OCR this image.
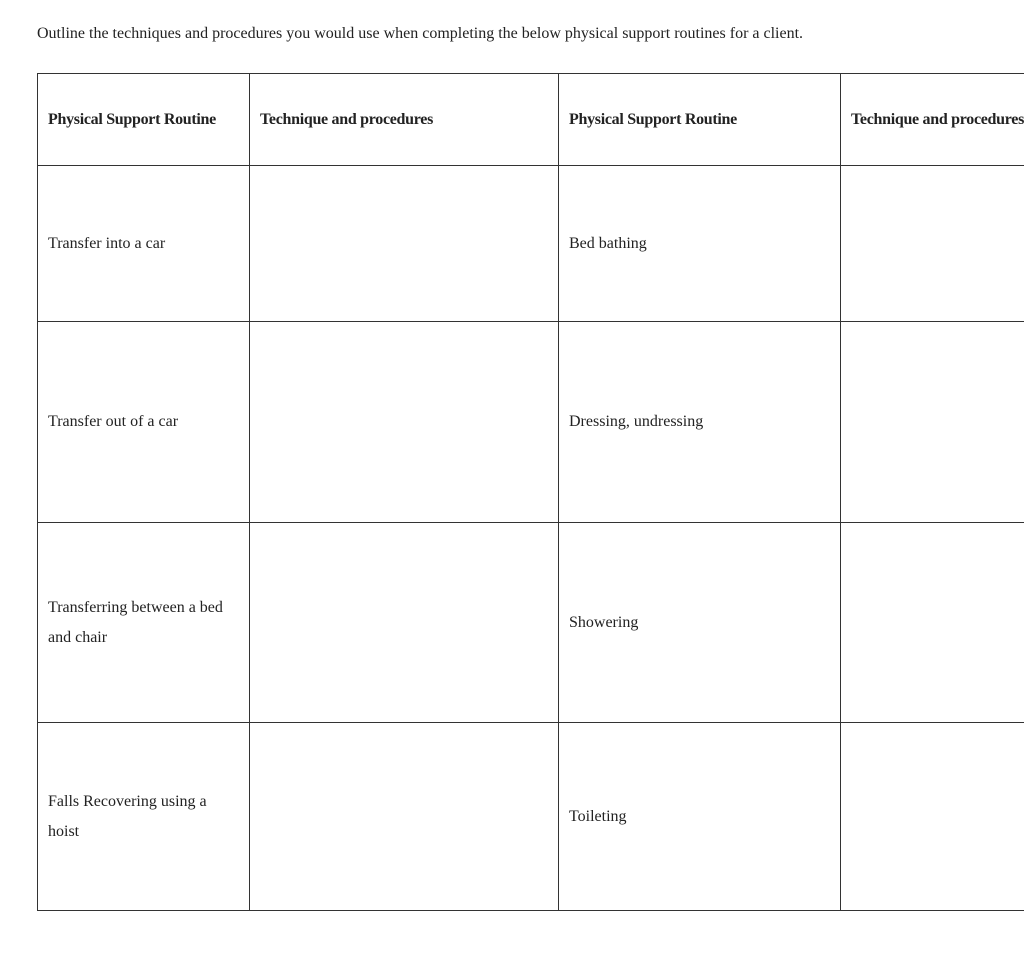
Outline the techniques and procedures you would use when completing the below physical support routines for a client.

Physical Support Routine	Technique and procedures	Physical Support Routine	Technique and procedures
Transfer into a car		Bed bathing	
Transfer out of a car		Dressing, undressing	
Transferring between a bed and chair		Showering	
Falls Recovering using a hoist		Toileting	
